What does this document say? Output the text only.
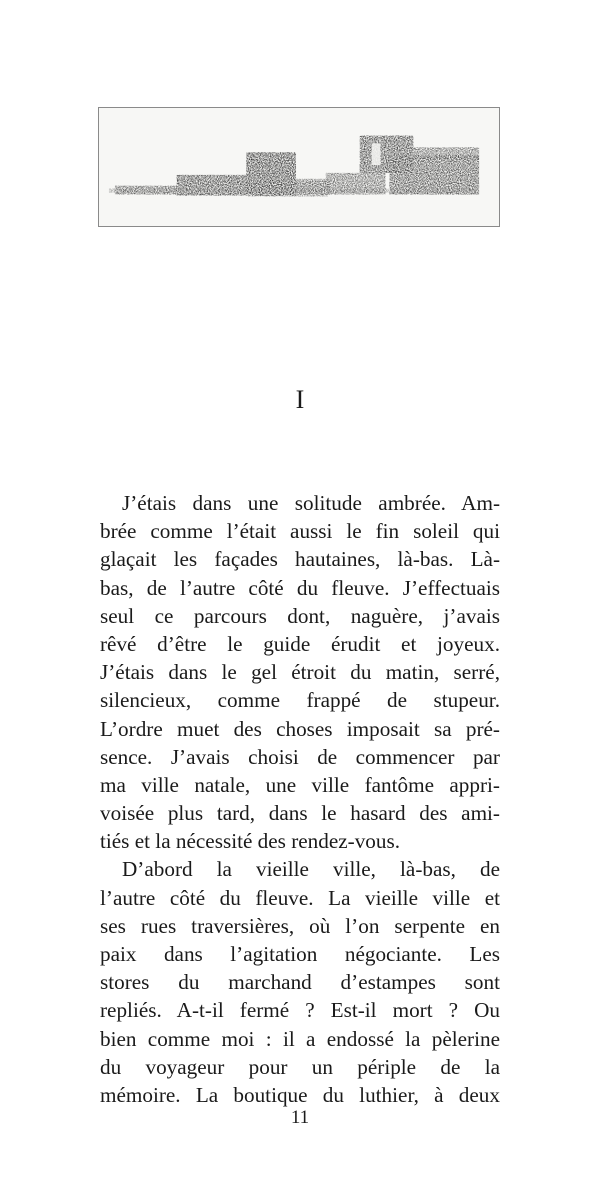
I
J’étais dans une solitude ambrée. Am-
brée comme l’était aussi le fin soleil qui
glaçait les façades hautaines, là-bas. Là-
bas, de l’autre côté du fleuve. J’effectuais
seul ce parcours dont, naguère, j’avais
rêvé d’être le guide érudit et joyeux.
J’étais dans le gel étroit du matin, serré,
silencieux, comme frappé de stupeur.
L’ordre muet des choses imposait sa pré-
sence. J’avais choisi de commencer par
ma ville natale, une ville fantôme appri-
voisée plus tard, dans le hasard des ami-
tiés et la nécessité des rendez-vous.
D’abord la vieille ville, là-bas, de
l’autre côté du fleuve. La vieille ville et
ses rues traversières, où l’on serpente en
paix dans l’agitation négociante. Les
stores du marchand d’estampes sont
repliés. A-t-il fermé ? Est-il mort ? Ou
bien comme moi : il a endossé la pèlerine
du voyageur pour un périple de la
mémoire. La boutique du luthier, à deux
11
